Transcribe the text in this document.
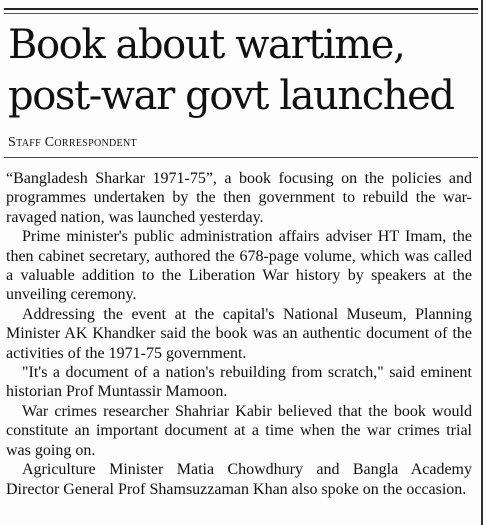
Book about wartime,
post-war govt launched
Staff Correspondent

“Bangladesh Sharkar 1971-75”, a book focusing on the policies and programmes undertaken by the then government to rebuild the war-ravaged nation, was launched yesterday.

Prime minister's public administration affairs adviser HT Imam, the then cabinet secretary, authored the 678-page volume, which was called a valuable addition to the Liberation War history by speakers at the unveiling ceremony.

Addressing the event at the capital's National Museum, Planning Minister AK Khandker said the book was an authentic document of the activities of the 1971-75 government.

"It's a document of a nation's rebuilding from scratch," said eminent historian Prof Muntassir Mamoon.

War crimes researcher Shahriar Kabir believed that the book would constitute an important document at a time when the war crimes trial was going on.

Agriculture Minister Matia Chowdhury and Bangla Academy Director General Prof Shamsuzzaman Khan also spoke on the occasion.
